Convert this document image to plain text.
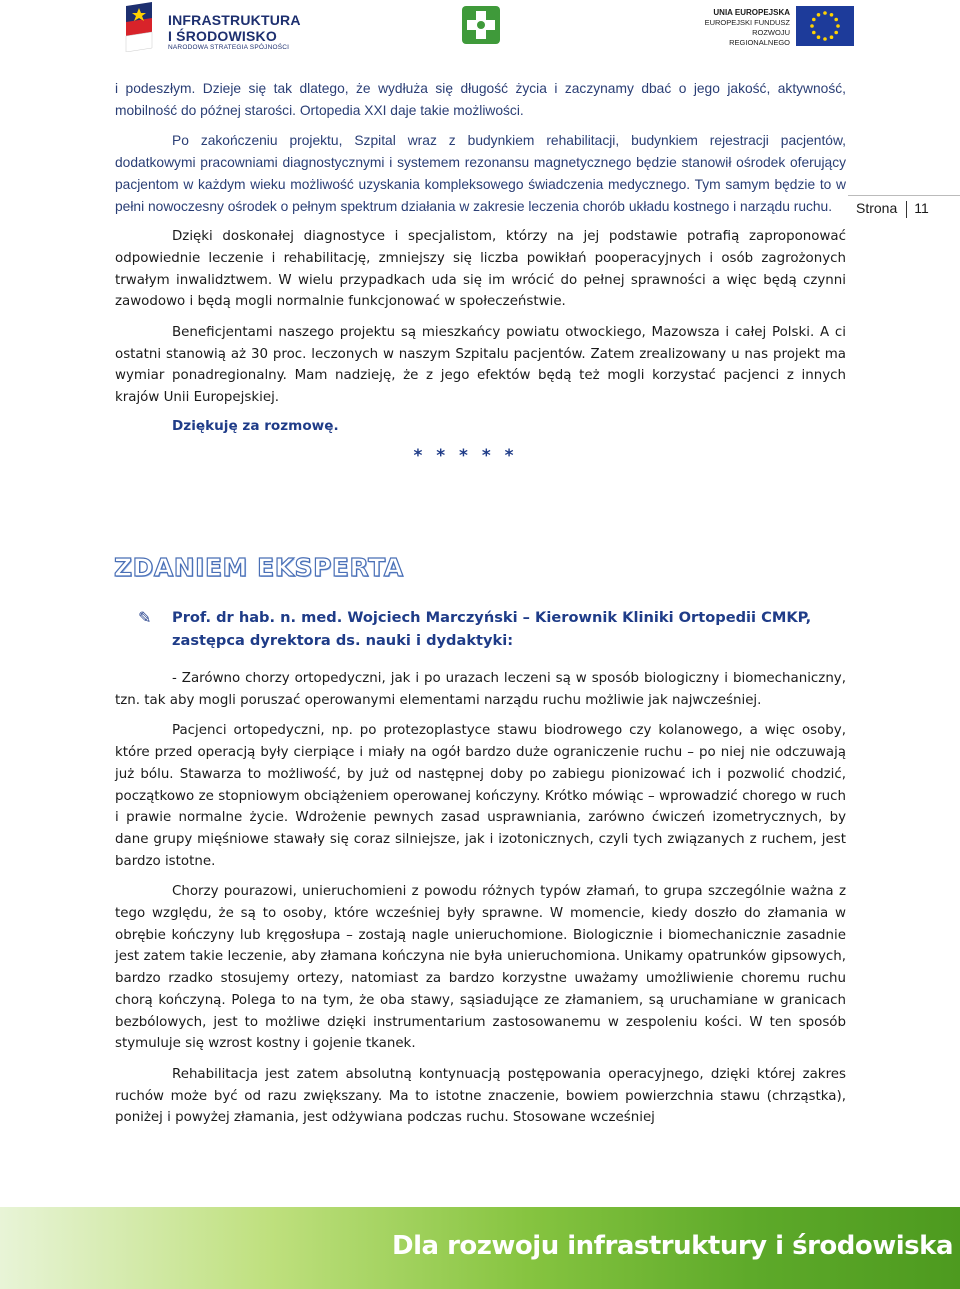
INFRASTRUKTURA
I ŚRODOWISKO
NARODOWA STRATEGIA SPÓJNOŚCI
UNIA EUROPEJSKA
EUROPEJSKI FUNDUSZ
ROZWOJU REGIONALNEGO
Strona 11

i podeszłym. Dzieje się tak dlatego, że wydłuża się długość życia i zaczynamy dbać o jego jakość, aktywność, mobilność do późnej starości. Ortopedia XXI daje takie możliwości.

Po zakończeniu projektu, Szpital wraz z budynkiem rehabilitacji, budynkiem rejestracji pacjentów, dodatkowymi pracowniami diagnostycznymi i systemem rezonansu magnetycznego będzie stanowił ośrodek oferujący pacjentom w każdym wieku możliwość uzyskania kompleksowego świadczenia medycznego. Tym samym będzie to w pełni nowoczesny ośrodek o pełnym spektrum działania w zakresie leczenia chorób układu kostnego i narządu ruchu.

Dzięki doskonałej diagnostyce i specjalistom, którzy na jej podstawie potrafią zaproponować odpowiednie leczenie i rehabilitację, zmniejszy się liczba powikłań pooperacyjnych i osób zagrożonych trwałym inwalidztwem. W wielu przypadkach uda się im wrócić do pełnej sprawności a więc będą czynni zawodowo i będą mogli normalnie funkcjonować w społeczeństwie.

Beneficjentami naszego projektu są mieszkańcy powiatu otwockiego, Mazowsza i całej Polski. A ci ostatni stanowią aż 30 proc. leczonych w naszym Szpitalu pacjentów. Zatem zrealizowany u nas projekt ma wymiar ponadregionalny. Mam nadzieję, że z jego efektów będą też mogli korzystać pacjenci z innych krajów Unii Europejskiej.

Dziękuję za rozmowę.
* * * * *
ZDANIEM EKSPERTA
✎ Prof. dr hab. n. med. Wojciech Marczyński – Kierownik Kliniki Ortopedii CMKP, zastępca dyrektora ds. nauki i dydaktyki:

- Zarówno chorzy ortopedyczni, jak i po urazach leczeni są w sposób biologiczny i biomechaniczny, tzn. tak aby mogli poruszać operowanymi elementami narządu ruchu możliwie jak najwcześniej.

Pacjenci ortopedyczni, np. po protezoplastyce stawu biodrowego czy kolanowego, a więc osoby, które przed operacją były cierpiące i miały na ogół bardzo duże ograniczenie ruchu – po niej nie odczuwają już bólu. Stawarza to możliwość, by już od następnej doby po zabiegu pionizować ich i pozwolić chodzić, początkowo ze stopniowym obciążeniem operowanej kończyny. Krótko mówiąc – wprowadzić chorego w ruch i prawie normalne życie. Wdrożenie pewnych zasad usprawniania, zarówno ćwiczeń izometrycznych, by dane grupy mięśniowe stawały się coraz silniejsze, jak i izotonicznych, czyli tych związanych z ruchem, jest bardzo istotne.

Chorzy pourazowi, unieruchomieni z powodu różnych typów złamań, to grupa szczególnie ważna z tego względu, że są to osoby, które wcześniej były sprawne. W momencie, kiedy doszło do złamania w obrębie kończyny lub kręgosłupa – zostają nagle unieruchomione. Biologicznie i biomechanicznie zasadnie jest zatem takie leczenie, aby złamana kończyna nie była unieruchomiona. Unikamy opatrunków gipsowych, bardzo rzadko stosujemy ortezy, natomiast za bardzo korzystne uważamy umożliwienie choremu ruchu chorą kończyną. Polega to na tym, że oba stawy, sąsiadujące ze złamaniem, są uruchamiane w granicach bezbólowych, jest to możliwe dzięki instrumentarium zastosowanemu w zespoleniu kości. W ten sposób stymuluje się wzrost kostny i gojenie tkanek.

Rehabilitacja jest zatem absolutną kontynuacją postępowania operacyjnego, dzięki której zakres ruchów może być od razu zwiększany. Ma to istotne znaczenie, bowiem powierzchnia stawu (chrząstka), poniżej i powyżej złamania, jest odżywiana podczas ruchu. Stosowane wcześniej

Dla rozwoju infrastruktury i środowiska
